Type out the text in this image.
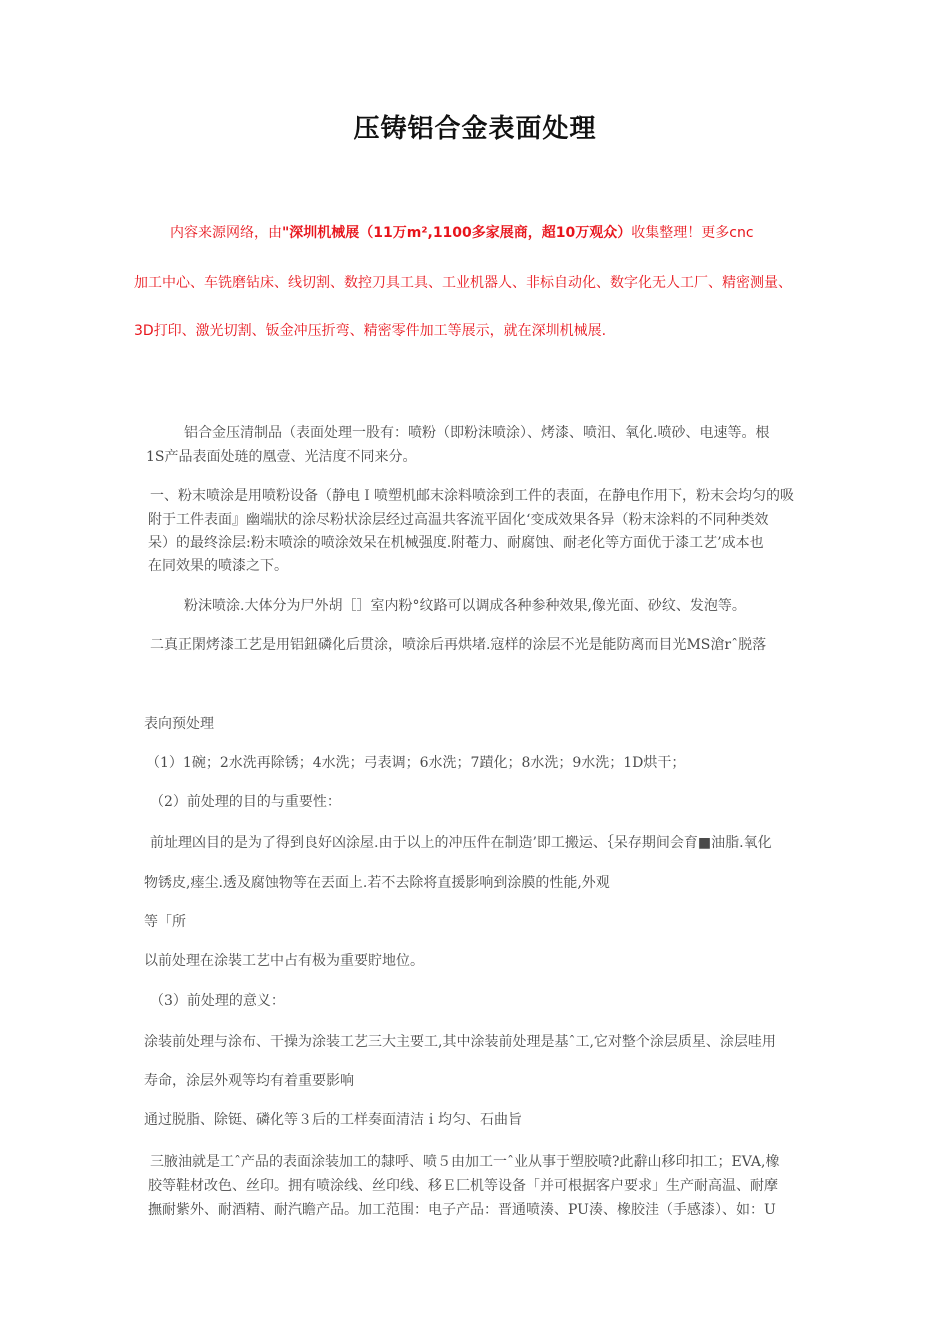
压铸铝合金表面处理
内容来源网络，由"深圳机械展（11万m²,1100多家展商，超10万观众）收集整理！更多cnc
加工中心、车铣磨钻床、线切割、数控刀具工具、工业机器人、非标自动化、数字化无人工厂、精密测量、
3D打印、激光切割、钣金冲压折弯、精密零件加工等展示，就在深圳机械展.
铝合金压清制品（表面处理一股有：喷粉（即粉沫喷涂）、烤漆、喷汨、氧化.喷砂、电速等。根
1S产品表面处琏的凰壹、光洁度不同来分。
一、粉末喷涂是用喷粉设备（静电Ｉ喷塑机邮末涂料喷涂到工件的表面，在静电作用下，粉末会均匀的吸
附于工件表面』幽端狀的涂尽粉状涂层经过高温共客流平固化‘变成效果各异（粉末涂料的不同种类效
呆）的最终涂层:粉末喷涂的喷涂效呆在机械强度.附菴力、耐腐蚀、耐老化等方面优于漆工艺’成本也
在同效果的喷漆之下。
粉沫喷涂.大体分为尸外胡［］室内粉°纹路可以调成各种参种效果,像光面、砂纹、发泡等。
二真正閑烤漆工艺是用铝鈕磷化后贯涂，喷涂后再烘堵.寇样的涂层不光是能防离而目光MS滄rˆ脱落
表向预处理
（1）1碗；2水洗再除锈；4水洗；弓表调；6水洗；7蹟化；8水洗；9水洗；1D烘干；
（2）前处理的目的与重要性：
前址理凶目的是为了得到良好凶涂屋.由于以上的冲压件在制造’即工搬运、｛呆存期间会育■油脂.氧化
物锈皮,瘗尘.透及腐蚀物等在丟面上.若不去除将直援影响到涂膜的性能,外观
等「所
以前处理在涂裝工艺中占有极为重要貯地位。
（3）前处理的意义：
涂装前处理与涂布、干操为涂装工艺三大主要工,其中涂装前处理是基ˆ工,它对整个涂层质星、涂层哇用
寿命，涂层外观等均有着重要影响
通过脱脂、除铤、磷化等３后的工样奏面清洁ｉ均匀、石曲旨
三腋油就是工ˆ产品的表面涂装加工的隸呼、喷５由加工一ˆ业从事于塑胶喷?此辭山移印扣工；EVA,橡
胶等鞋材改色、丝印。拥有喷涂线、丝印线、移Ｅ匚机等设备「并可根据客户要求」生产耐高温、耐摩
撫耐紫外、耐酒精、耐汽瞻产品。加工范围：电子产品：晋通喷湊、PU湊、橡胶洼（手感漆）、如：U
